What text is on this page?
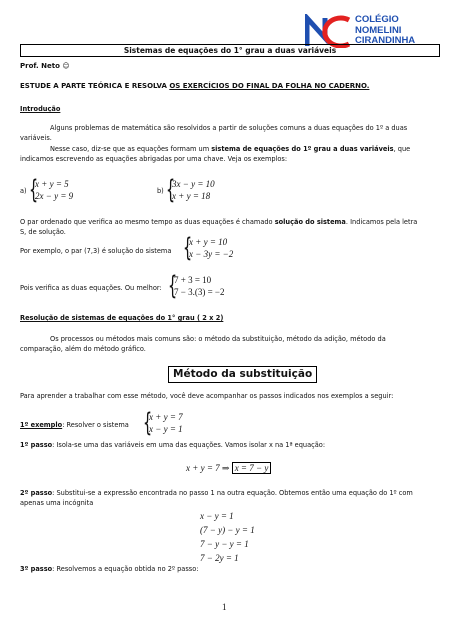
COLÉGIO
NOMELINI
CIRANDINHA
Sistemas de equações do 1° grau a duas variáveis
Prof. Neto ☺
ESTUDE A PARTE TEÓRICA E RESOLVA OS EXERCÍCIOS DO FINAL DA FOLHA NO CADERNO.
Introdução
Alguns problemas de matemática são resolvidos a partir de soluções comuns a duas equações do 1º a duas
variáveis.
Nesse caso, diz-se que as equações formam um sistema de equações do 1º grau a duas variáveis, que
indicamos escrevendo as equações abrigadas por uma chave. Veja os exemplos:
a) {
x + y = 5
2x − y = 9	b) {
3x − y = 10
x + y = 18
O par ordenado que verifica ao mesmo tempo as duas equações é chamado solução do sistema. Indicamos pela letra
S, de solução.
Por exemplo, o par (7,3) é solução do sistema {
x + y = 10
x − 3y = −2
Pois verifica as duas equações. Ou melhor: {
7 + 3 = 10
7 − 3.(3) = −2
Resolução de sistemas de equações do 1° grau ( 2 x 2)
Os processos ou métodos mais comuns são: o método da substituição, método da adição, método da
comparação, além do método gráfico.
Método da substituição
Para aprender a trabalhar com esse método, você deve acompanhar os passos indicados nos exemplos a seguir:
1º exemplo: Resolver o sistema {
x + y = 7
x − y = 1
1º passo: Isola-se uma das variáveis em uma das equações. Vamos isolar x na 1ª equação:
x + y = 7 ⇒ x = 7 − y
2º passo: Substitui-se a expressão encontrada no passo 1 na outra equação. Obtemos então uma equação do 1º com
apenas uma incógnita
x − y = 1
(7 − y) − y = 1
7 − y − y = 1
7 − 2y = 1
3º passo: Resolvemos a equação obtida no 2º passo:
1
